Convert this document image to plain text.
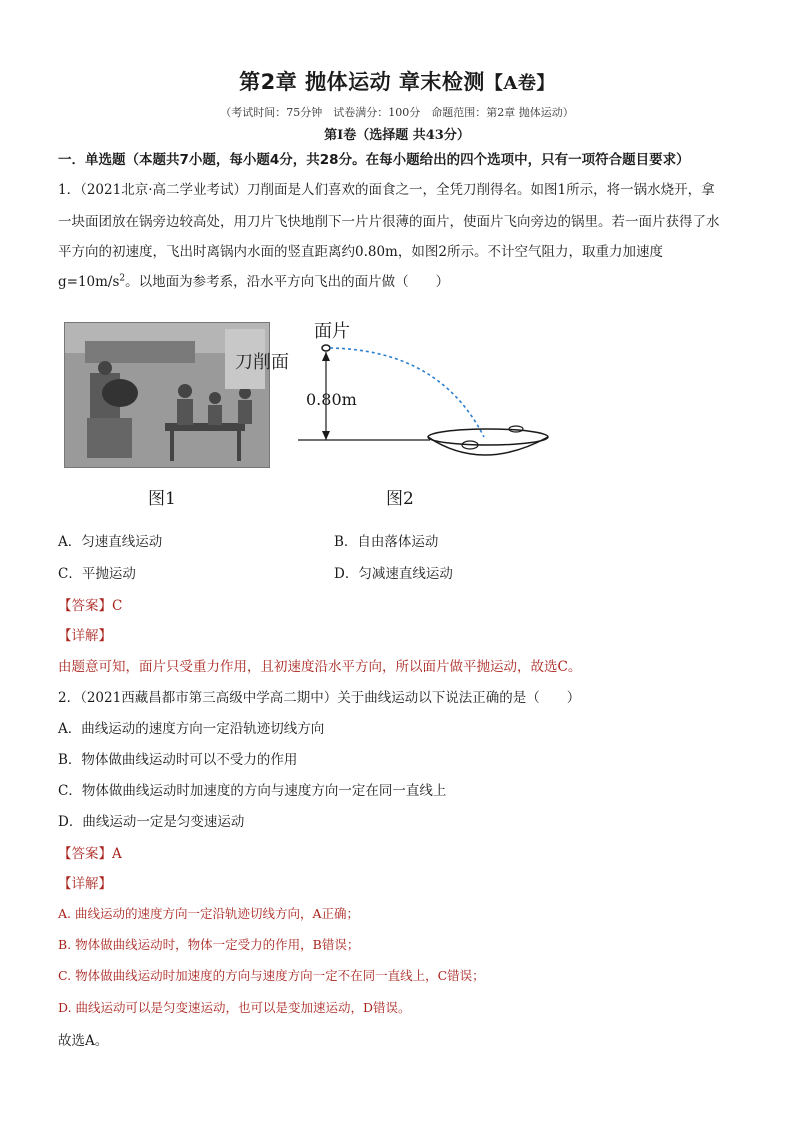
第2章 抛体运动 章末检测【A卷】
（考试时间：75分钟　试卷满分：100分　命题范围：第2章 抛体运动）
第Ⅰ卷（选择题 共43分）
一．单选题（本题共7小题，每小题4分，共28分。在每小题给出的四个选项中，只有一项符合题目要求）
1．（2021北京·高二学业考试）刀削面是人们喜欢的面食之一，全凭刀削得名。如图1所示，将一锅水烧开，拿
一块面团放在锅旁边较高处，用刀片飞快地削下一片片很薄的面片，使面片飞向旁边的锅里。若一面片获得了水
平方向的初速度，飞出时离锅内水面的竖直距离约0.80m，如图2所示。不计空气阻力，取重力加速度
$g=10m/s^2$。以地面为参考系，沿水平方向飞出的面片做（　　）
刀削面
图1
面片
0.80m
图2
A．匀速直线运动	B．自由落体运动
C．平抛运动	D．匀减速直线运动
【答案】C
【详解】
由题意可知，面片只受重力作用，且初速度沿水平方向，所以面片做平抛运动，故选C。
2．（2021西藏昌都市第三高级中学高二期中）关于曲线运动以下说法正确的是（　　）
A．曲线运动的速度方向一定沿轨迹切线方向
B．物体做曲线运动时可以不受力的作用
C．物体做曲线运动时加速度的方向与速度方向一定在同一直线上
D．曲线运动一定是匀变速运动
【答案】A
【详解】
A. 曲线运动的速度方向一定沿轨迹切线方向，A正确；
B. 物体做曲线运动时，物体一定受力的作用，B错误；
C. 物体做曲线运动时加速度的方向与速度方向一定不在同一直线上，C错误；
D. 曲线运动可以是匀变速运动，也可以是变加速运动，D错误。
故选A。
